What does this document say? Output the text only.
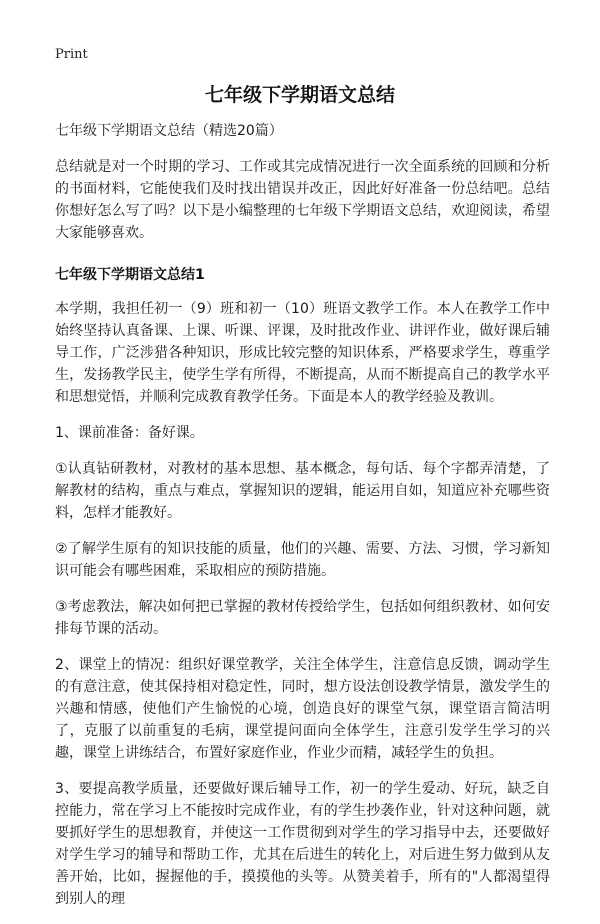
Print
七年级下学期语文总结

七年级下学期语文总结（精选20篇）

总结就是对一个时期的学习、工作或其完成情况进行一次全面系统的回顾和分析的书面材料，它能使我们及时找出错误并改正，因此好好准备一份总结吧。总结你想好怎么写了吗？以下是小编整理的七年级下学期语文总结，欢迎阅读，希望大家能够喜欢。

七年级下学期语文总结1

本学期，我担任初一（9）班和初一（10）班语文教学工作。本人在教学工作中始终坚持认真备课、上课、听课、评课，及时批改作业、讲评作业，做好课后辅导工作，广泛涉猎各种知识，形成比较完整的知识体系，严格要求学生，尊重学生，发扬教学民主，使学生学有所得，不断提高，从而不断提高自己的教学水平和思想觉悟，并顺利完成教育教学任务。下面是本人的教学经验及教训。

1、课前准备：备好课。

①认真钻研教材，对教材的基本思想、基本概念，每句话、每个字都弄清楚，了解教材的结构，重点与难点，掌握知识的逻辑，能运用自如，知道应补充哪些资料，怎样才能教好。

②了解学生原有的知识技能的质量，他们的兴趣、需要、方法、习惯，学习新知识可能会有哪些困难，采取相应的预防措施。

③考虑教法，解决如何把已掌握的教材传授给学生，包括如何组织教材、如何安排每节课的活动。

2、课堂上的情况：组织好课堂教学，关注全体学生，注意信息反馈，调动学生的有意注意，使其保持相对稳定性，同时，想方设法创设教学情景，激发学生的兴趣和情感，使他们产生愉悦的心境，创造良好的课堂气氛，课堂语言简洁明了，克服了以前重复的毛病，课堂提问面向全体学生，注意引发学生学习的兴趣，课堂上讲练结合，布置好家庭作业，作业少而精，减轻学生的负担。

3、要提高教学质量，还要做好课后辅导工作，初一的学生爱动、好玩，缺乏自控能力，常在学习上不能按时完成作业，有的学生抄袭作业，针对这种问题，就要抓好学生的思想教育，并使这一工作贯彻到对学生的学习指导中去，还要做好对学生学习的辅导和帮助工作，尤其在后进生的转化上，对后进生努力做到从友善开始，比如，握握他的手，摸摸他的头等。从赞美着手，所有的"人都渴望得到别人的理
